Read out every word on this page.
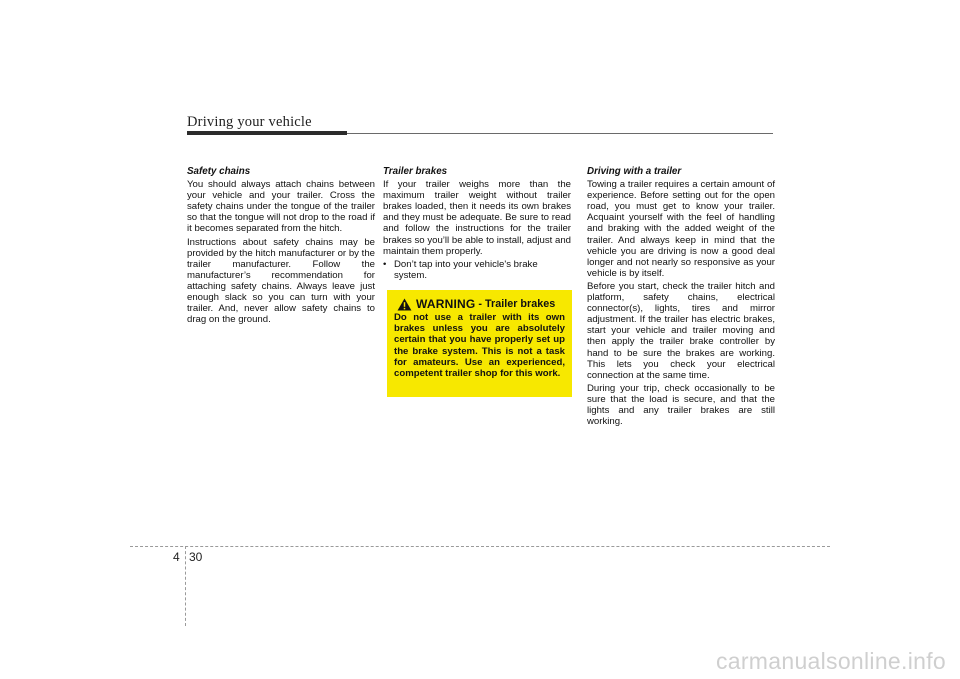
Driving your vehicle
Safety chains

You should always attach chains between your vehicle and your trailer. Cross the safety chains under the tongue of the trailer so that the tongue will not drop to the road if it becomes separated from the hitch.

Instructions about safety chains may be provided by the hitch manufacturer or by the trailer manufacturer. Follow the manufacturer’s recommendation for attaching safety chains. Always leave just enough slack so you can turn with your trailer. And, never allow safety chains to drag on the ground.

Trailer brakes

If your trailer weighs more than the maximum trailer weight without trailer brakes loaded, then it needs its own brakes and they must be adequate. Be sure to read and follow the instructions for the trailer brakes so you’ll be able to install, adjust and maintain them properly.

• Don’t tap into your vehicle's brake system.
WARNING - Trailer brakes
Do not use a trailer with its own brakes unless you are absolutely certain that you have properly set up the brake system. This is not a task for amateurs. Use an experienced, competent trailer shop for this work.
Driving with a trailer

Towing a trailer requires a certain amount of experience. Before setting out for the open road, you must get to know your trailer. Acquaint yourself with the feel of handling and braking with the added weight of the trailer. And always keep in mind that the vehicle you are driving is now a good deal longer and not nearly so responsive as your vehicle is by itself.

Before you start, check the trailer hitch and platform, safety chains, electrical connector(s), lights, tires and mirror adjustment. If the trailer has electric brakes, start your vehicle and trailer moving and then apply the trailer brake controller by hand to be sure the brakes are working. This lets you check your electrical connection at the same time.

During your trip, check occasionally to be sure that the load is secure, and that the lights and any trailer brakes are still working.

4 30
carmanualsonline.info
